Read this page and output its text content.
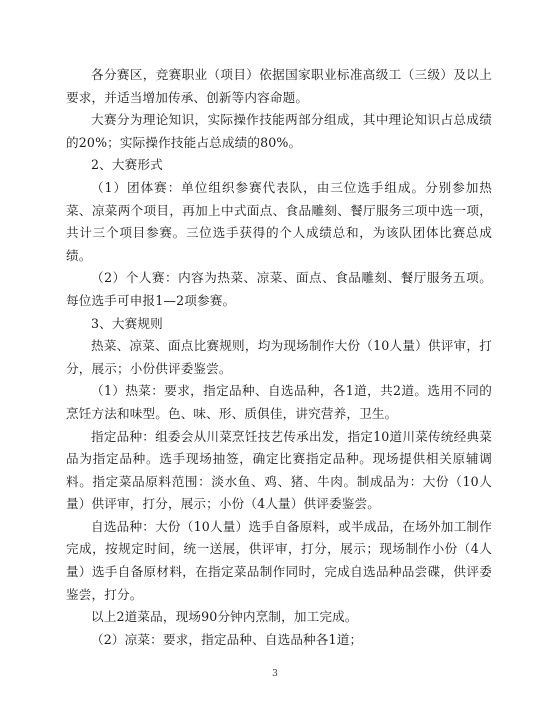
各分赛区，竞赛职业（项目）依据国家职业标准高级工（三级）及以上要求，并适当增加传承、创新等内容命题。

大赛分为理论知识，实际操作技能两部分组成，其中理论知识占总成绩的20%；实际操作技能占总成绩的80%。

2、大赛形式

（1）团体赛：单位组织参赛代表队，由三位选手组成。分别参加热菜、凉菜两个项目，再加上中式面点、食品雕刻、餐厅服务三项中选一项，共计三个项目参赛。三位选手获得的个人成绩总和，为该队团体比赛总成绩。

（2）个人赛：内容为热菜、凉菜、面点、食品雕刻、餐厅服务五项。每位选手可申报1—2项参赛。

3、大赛规则

热菜、凉菜、面点比赛规则，均为现场制作大份（10人量）供评审，打分，展示；小份供评委鉴尝。

（1）热菜：要求，指定品种、自选品种，各1道，共2道。选用不同的烹饪方法和味型。色、味、形、质俱佳，讲究营养，卫生。

指定品种：组委会从川菜烹饪技艺传承出发，指定10道川菜传统经典菜品为指定品种。选手现场抽签，确定比赛指定品种。现场提供相关原辅调料。指定菜品原料范围：淡水鱼、鸡、猪、牛肉。制成品为：大份（10人量）供评审，打分，展示；小份（4人量）供评委鉴尝。

自选品种：大份（10人量）选手自备原料，或半成品，在场外加工制作完成，按规定时间，统一送展，供评审，打分，展示；现场制作小份（4人量）选手自备原材料，在指定菜品制作同时，完成自选品种品尝碟，供评委鉴尝，打分。

以上2道菜品，现场90分钟内烹制，加工完成。

（2）凉菜：要求，指定品种、自选品种各1道；

3
